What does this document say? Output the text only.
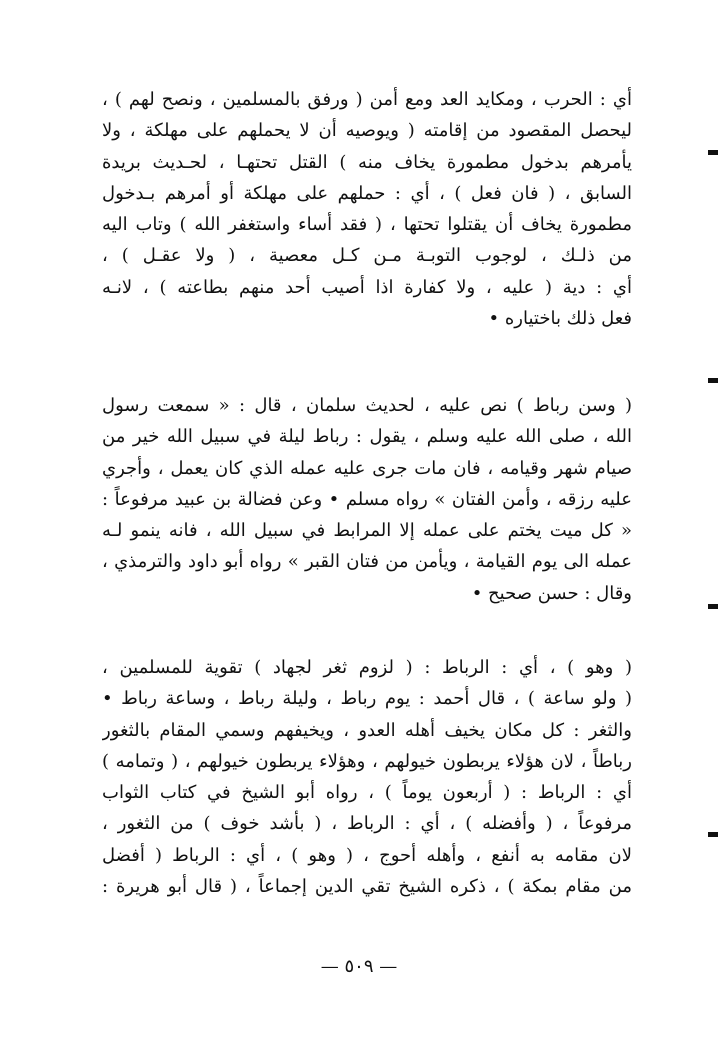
أي : الحرب ، ومكايد العد ومع أمن ( ورفق بالمسلمين ، ونصح لهم ) ،
ليحصل المقصود من إقامته ( ويوصيه أن لا يحملهم على مهلكة ، ولا
يأمرهم بدخول مطمورة يخاف منه ) القتل تحتهـا ، لحـديث بريدة
السابق ، ( فان فعل ) ، أي : حملهم على مهلكة أو أمرهم بـدخول
مطمورة يخاف أن يقتلوا تحتها ، ( فقد أساء واستغفر الله ) وتاب اليه
من ذلـك ، لوجوب التوبـة مـن كـل معصية ، ( ولا عقـل ) ،
أي : دية ( عليه ، ولا كفارة اذا أصيب أحد منهم بطاعته ) ، لانـه
فعل ذلك باختياره •
( وسن رباط ) نص عليه ، لحديث سلمان ، قال : « سمعت رسول
الله ، صلى الله عليه وسلم ، يقول : رباط ليلة في سبيل الله خير من
صيام شهر وقيامه ، فان مات جرى عليه عمله الذي كان يعمل ، وأجري
عليه رزقه ، وأمن الفتان » رواه مسلم • وعن فضالة بن عبيد مرفوعاً :
« كل ميت يختم على عمله إلا المرابط في سبيل الله ، فانه ينمو لـه
عمله الى يوم القيامة ، ويأمن من فتان القبر » رواه أبو داود والترمذي ،
وقال : حسن صحيح •
( وهو ) ، أي : الرباط : ( لزوم ثغر لجهاد ) تقوية للمسلمين ،
( ولو ساعة ) ، قال أحمد : يوم رباط ، وليلة رباط ، وساعة رباط •
والثغر : كل مكان يخيف أهله العدو ، ويخيفهم وسمي المقام بالثغور
رباطاً ، لان هؤلاء يربطون خيولهم ، وهؤلاء يربطون خيولهم ، ( وتمامه )
أي : الرباط : ( أربعون يوماً ) ، رواه أبو الشيخ في كتاب الثواب
مرفوعاً ، ( وأفضله ) ، أي : الرباط ، ( بأشد خوف ) من الثغور ،
لان مقامه به أنفع ، وأهله أحوج ، ( وهو ) ، أي : الرباط ( أفضل
من مقام بمكة ) ، ذكره الشيخ تقي الدين إجماعاً ، ( قال أبو هريرة :
— ٥٠٩ —
